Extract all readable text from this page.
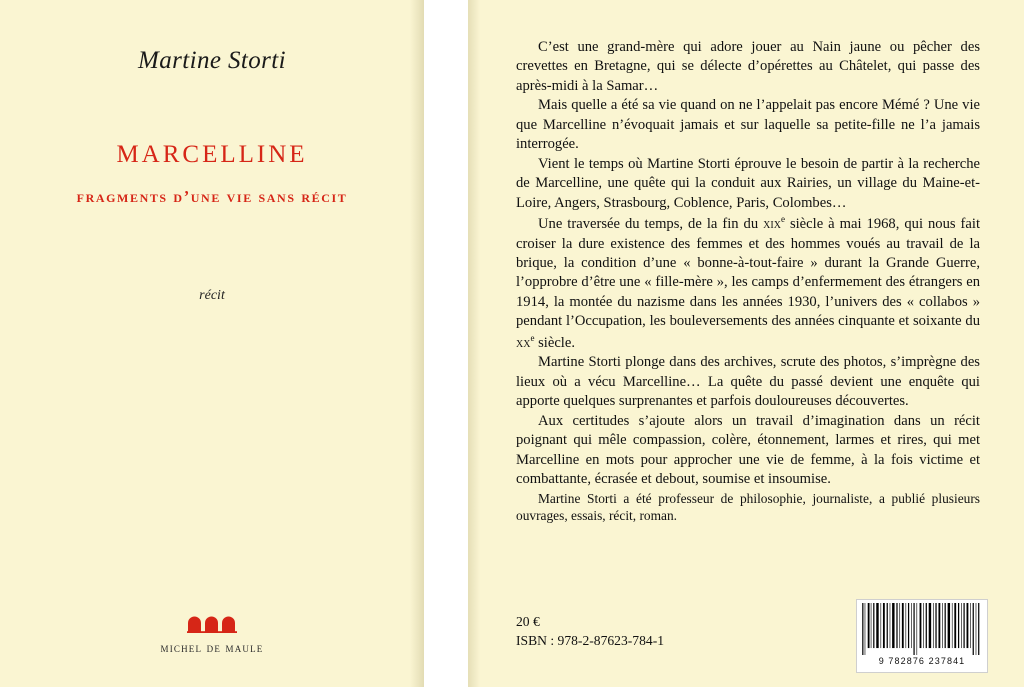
Martine Storti
marcelline
fragments d’une vie sans récit
récit
michel de maule

C’est une grand-mère qui adore jouer au Nain jaune ou pêcher des crevettes en Bretagne, qui se délecte d’opérettes au Châtelet, qui passe des après-midi à la Samar…

Mais quelle a été sa vie quand on ne l’appelait pas encore Mémé ? Une vie que Marcelline n’évoquait jamais et sur laquelle sa petite-fille ne l’a jamais interrogée.

Vient le temps où Martine Storti éprouve le besoin de partir à la recherche de Marcelline, une quête qui la conduit aux Rairies, un village du Maine-et-Loire, Angers, Strasbourg, Coblence, Paris, Colombes…

Une traversée du temps, de la fin du xix$^e$ siècle à mai 1968, qui nous fait croiser la dure existence des femmes et des hommes voués au travail de la brique, la condition d’une « bonne-à-tout-faire » durant la Grande Guerre, l’opprobre d’être une « fille-mère », les camps d’enfermement des étrangers en 1914, la montée du nazisme dans les années 1930, l’univers des « collabos » pendant l’Occupation, les bouleversements des années cinquante et soixante du $xx^e$ siècle.

Martine Storti plonge dans des archives, scrute des photos, s’imprègne des lieux où a vécu Marcelline… La quête du passé devient une enquête qui apporte quelques surprenantes et parfois douloureuses découvertes.

Aux certitudes s’ajoute alors un travail d’imagination dans un récit poignant qui mêle compassion, colère, étonnement, larmes et rires, qui met Marcelline en mots pour approcher une vie de femme, à la fois victime et combattante, écrasée et debout, soumise et insoumise.

Martine Storti a été professeur de philosophie, journaliste, a publié plusieurs ouvrages, essais, récit, roman.

20 €
ISBN : 978-2-87623-784-1
9 782876 237841
